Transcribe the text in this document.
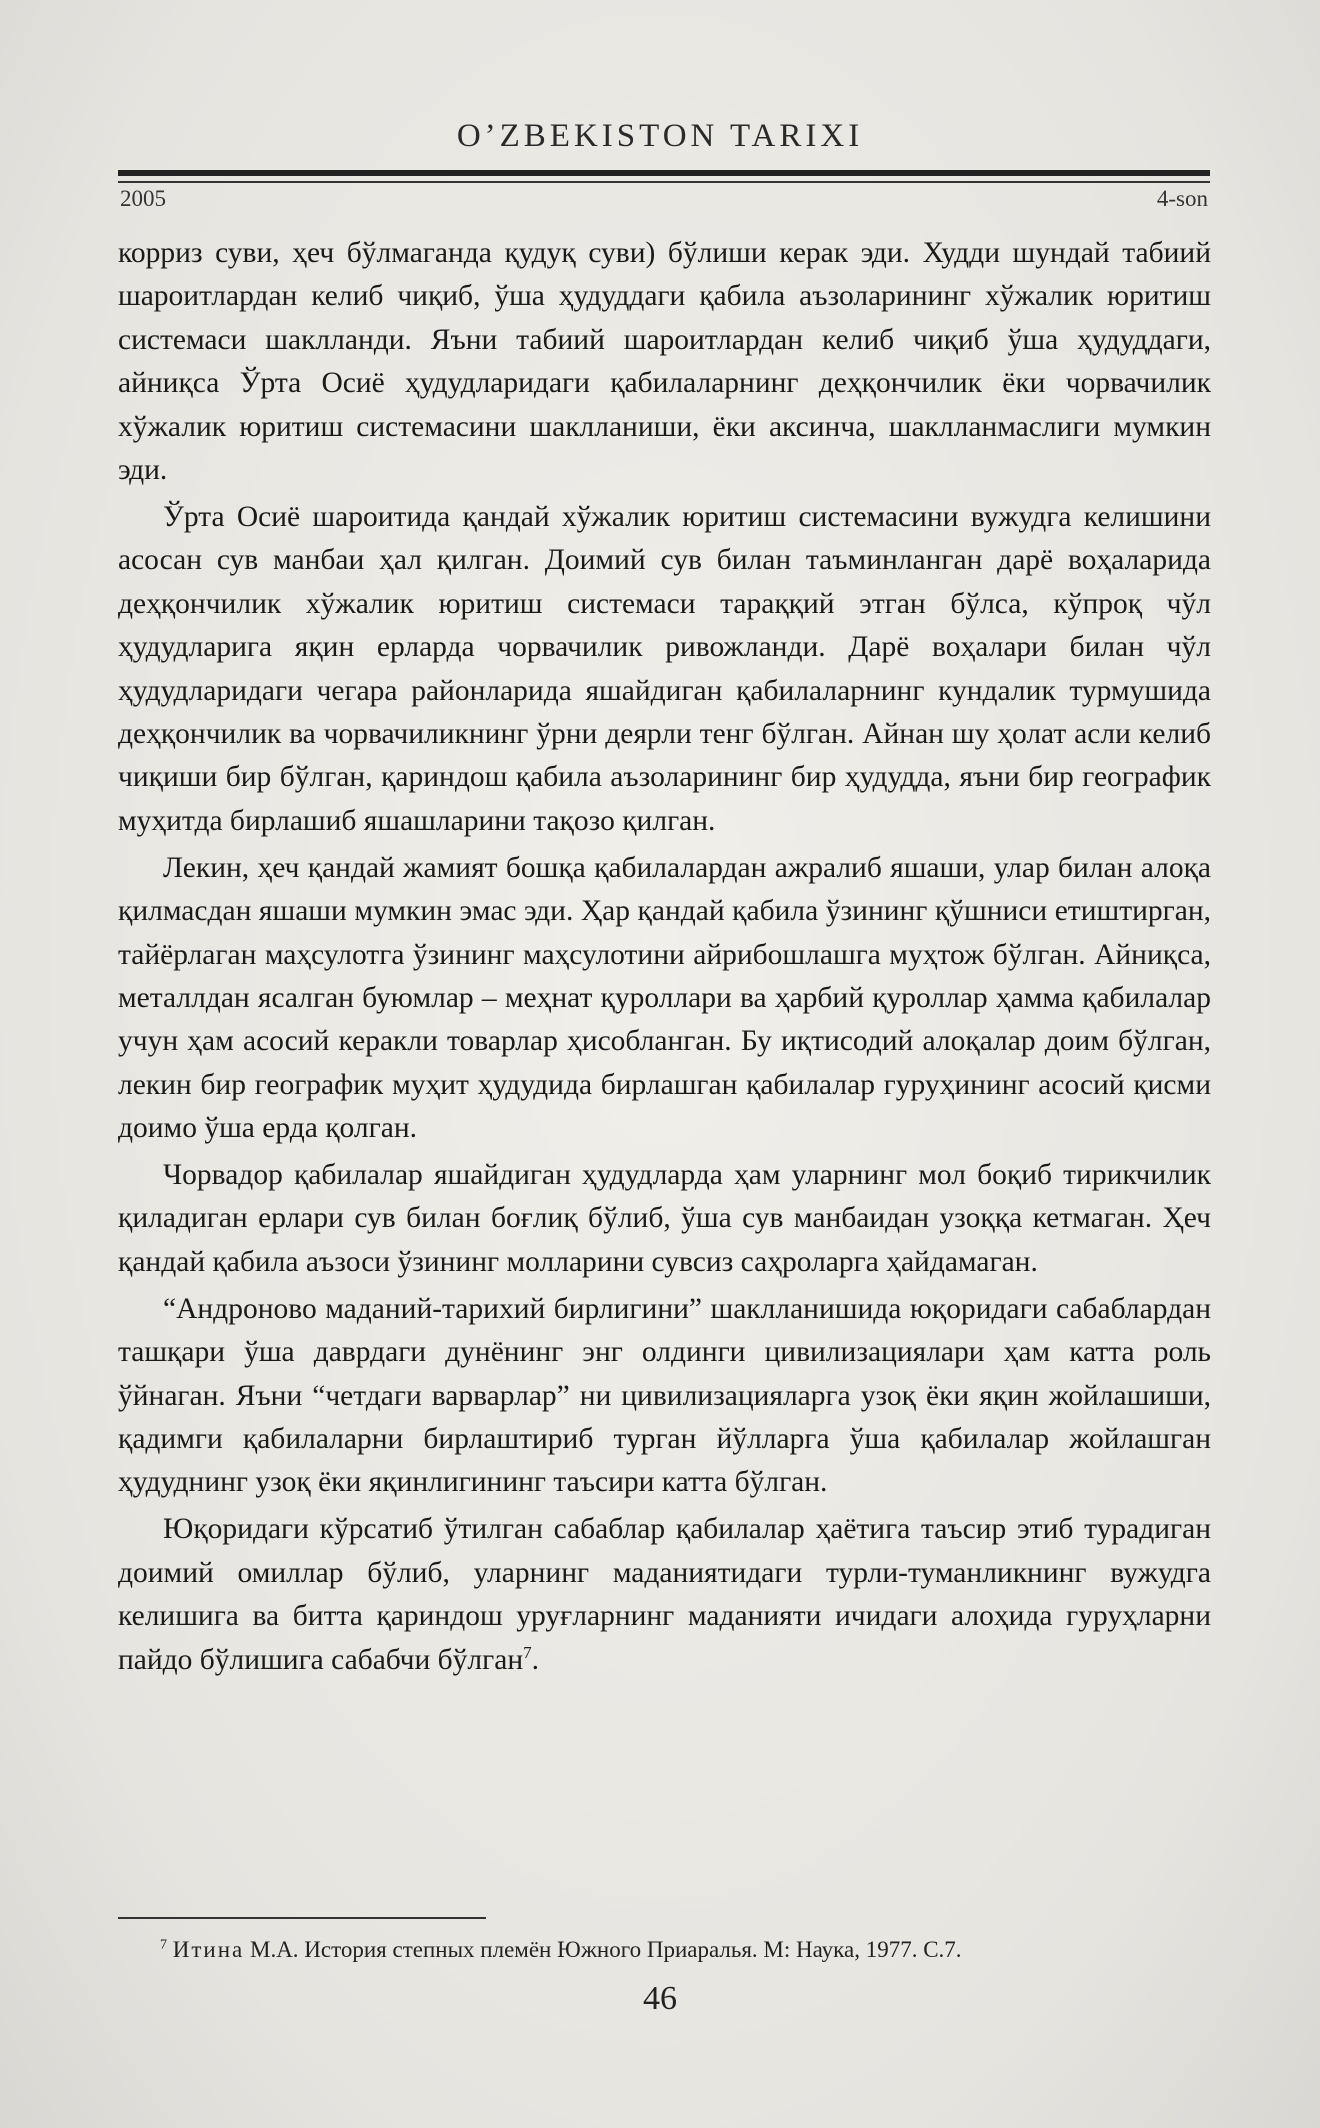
O’ZBEKISTON TARIXI
2005	4-son

корриз суви, ҳеч бўлмаганда қудуқ суви) бўлиши керак эди. Худди шундай табиий шароитлардан келиб чиқиб, ўша ҳудуддаги қабила аъзоларининг хўжалик юритиш системаси шаклланди. Яъни табиий шароитлардан келиб чиқиб ўша ҳудуддаги, айниқса Ўрта Осиё ҳудудларидаги қабилаларнинг деҳқончилик ёки чорвачилик хўжалик юритиш системасини шаклланиши, ёки аксинча, шаклланмаслиги мумкин эди.

Ўрта Осиё шароитида қандай хўжалик юритиш системасини вужудга келишини асосан сув манбаи ҳал қилган. Доимий сув билан таъминланган дарё воҳаларида деҳқончилик хўжалик юритиш системаси тараққий этган бўлса, кўпроқ чўл ҳудудларига яқин ерларда чорвачилик ривожланди. Дарё воҳалари билан чўл ҳудудларидаги чегара районларида яшайдиган қабилаларнинг кундалик турмушида деҳқончилик ва чорвачиликнинг ўрни деярли тенг бўлган. Айнан шу ҳолат асли келиб чиқиши бир бўлган, қариндош қабила аъзоларининг бир ҳудудда, яъни бир географик муҳитда бирлашиб яшашларини тақозо қилган.

Лекин, ҳеч қандай жамият бошқа қабилалардан ажралиб яшаши, улар билан алоқа қилмасдан яшаши мумкин эмас эди. Ҳар қандай қабила ўзининг қўшниси етиштирган, тайёрлаган маҳсулотга ўзининг маҳсулотини айрибошлашга муҳтож бўлган. Айниқса, металлдан ясалган буюмлар – меҳнат қуроллари ва ҳарбий қуроллар ҳамма қабилалар учун ҳам асосий керакли товарлар ҳисобланган. Бу иқтисодий алоқалар доим бўлган, лекин бир географик муҳит ҳудудида бирлашган қабилалар гуруҳининг асосий қисми доимо ўша ерда қолган.

Чорвадор қабилалар яшайдиган ҳудудларда ҳам уларнинг мол боқиб тирикчилик қиладиган ерлари сув билан боғлиқ бўлиб, ўша сув манбаидан узоққа кетмаган. Ҳеч қандай қабила аъзоси ўзининг молларини сувсиз саҳроларга ҳайдамаган.

“Андроново маданий-тарихий бирлигини” шаклланишида юқоридаги сабаблардан ташқари ўша даврдаги дунёнинг энг олдинги цивилизациялари ҳам катта роль ўйнаган. Яъни “четдаги варварлар” ни цивилизацияларга узоқ ёки яқин жойлашиши, қадимги қабилаларни бирлаштириб турган йўлларга ўша қабилалар жойлашган ҳудуднинг узоқ ёки яқинлигининг таъсири катта бўлган.

Юқоридаги кўрсатиб ўтилган сабаблар қабилалар ҳаётига таъсир этиб турадиган доимий омиллар бўлиб, уларнинг маданиятидаги турли-туманликнинг вужудга келишига ва битта қариндош уруғларнинг маданияти ичидаги алоҳида гуруҳларни пайдо бўлишига сабабчи бўлган$^7$.

$^7$ Итина М.А. История степных племён Южного Приаралья. М: Наука, 1977. С.7.
46
